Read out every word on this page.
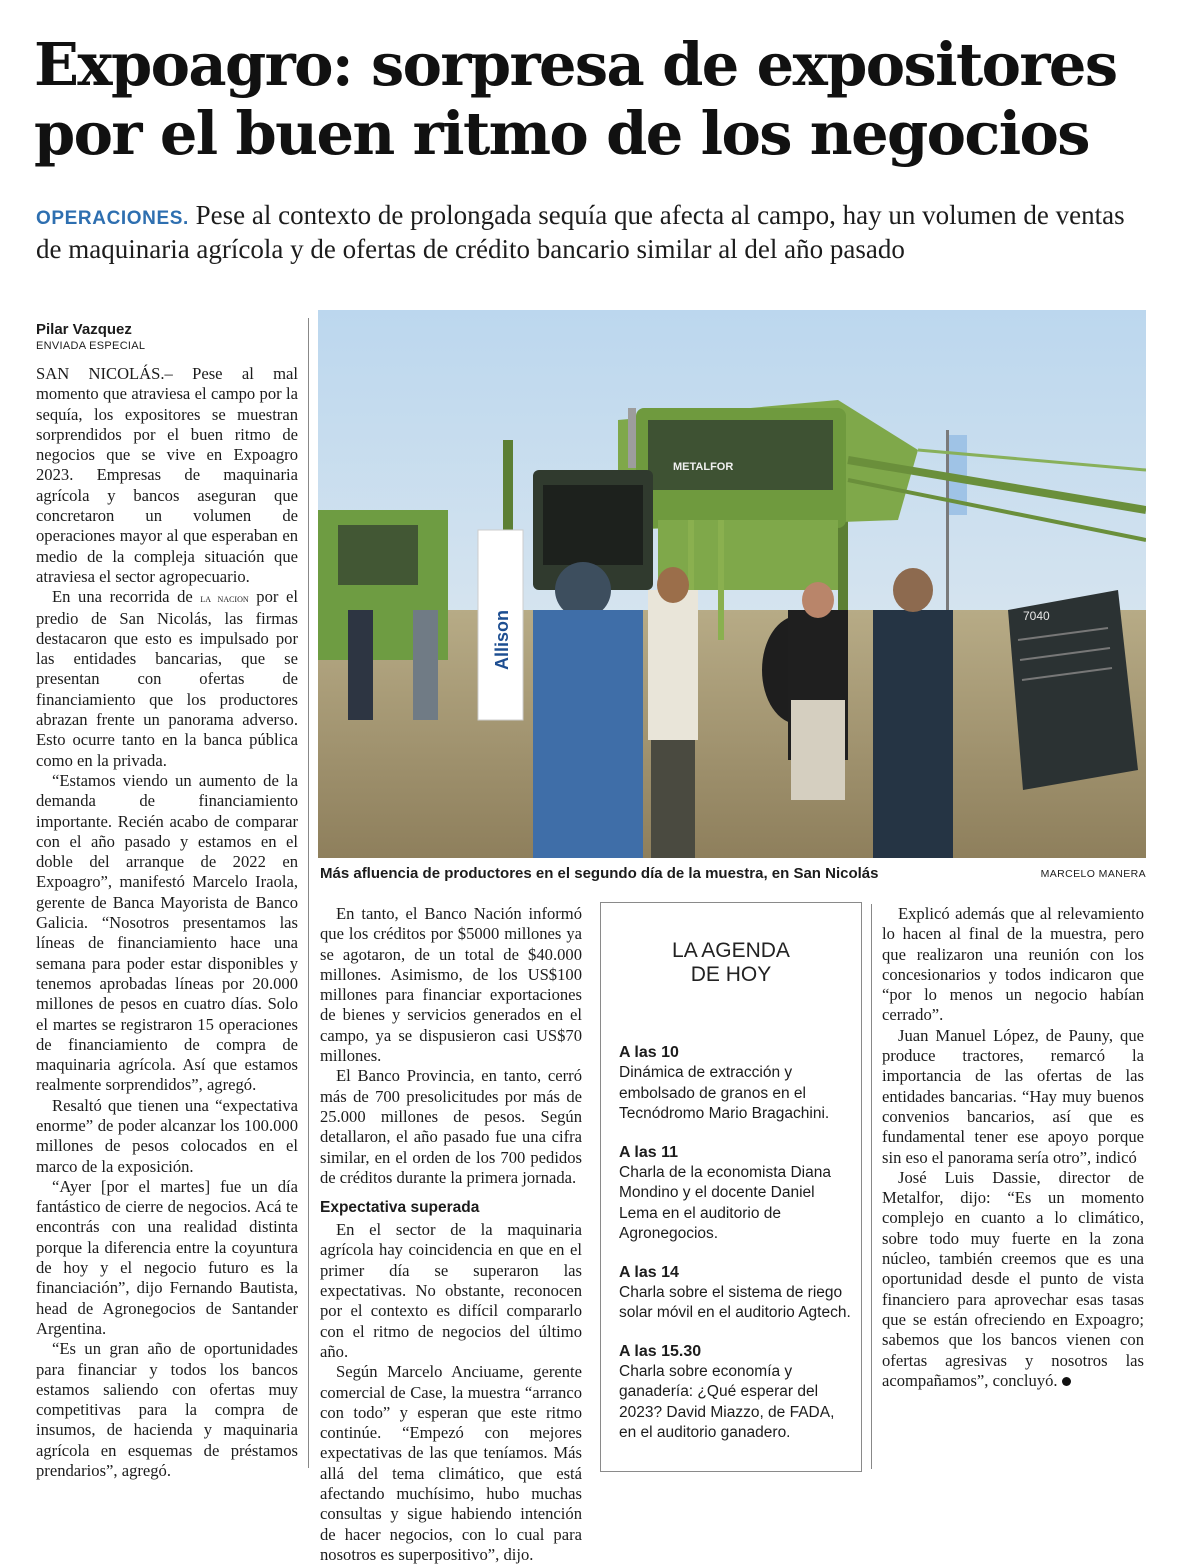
Expoagro: sorpresa de expositores por el buen ritmo de los negocios
OPERACIONES. Pese al contexto de prolongada sequía que afecta al campo, hay un volumen de ventas de maquinaria agrícola y de ofertas de crédito bancario similar al del año pasado
Pilar Vazquez
ENVIADA ESPECIAL

SAN NICOLÁS.– Pese al mal momento que atraviesa el campo por la sequía, los expositores se muestran sorprendidos por el buen ritmo de negocios que se vive en Expoagro 2023. Empresas de maquinaria agrícola y bancos aseguran que concretaron un volumen de operaciones mayor al que esperaban en medio de la compleja situación que atraviesa el sector agropecuario.

En una recorrida de la nacion por el predio de San Nicolás, las firmas destacaron que esto es impulsado por las entidades bancarias, que se presentan con ofertas de financiamiento que los productores abrazan frente un panorama adverso. Esto ocurre tanto en la banca pública como en la privada.

“Estamos viendo un aumento de la demanda de financiamiento importante. Recién acabo de comparar con el año pasado y estamos en el doble del arranque de 2022 en Expoagro”, manifestó Marcelo Iraola, gerente de Banca Mayorista de Banco Galicia. “Nosotros presentamos las líneas de financiamiento hace una semana para poder estar disponibles y tenemos aprobadas líneas por 20.000 millones de pesos en cuatro días. Solo el martes se registraron 15 operaciones de financiamiento de compra de maquinaria agrícola. Así que estamos realmente sorprendidos”, agregó.

Resaltó que tienen una “expectativa enorme” de poder alcanzar los 100.000 millones de pesos colocados en el marco de la exposición.

“Ayer [por el martes] fue un día fantástico de cierre de negocios. Acá te encontrás con una realidad distinta porque la diferencia entre la coyuntura de hoy y el negocio futuro es la financiación”, dijo Fernando Bautista, head de Agronegocios de Santander Argentina.

“Es un gran año de oportunidades para financiar y todos los bancos estamos saliendo con ofertas muy competitivas para la compra de insumos, de hacienda y maquinaria agrícola en esquemas de préstamos prendarios”, agregó.

METALFOR
Allison	7040
Más afluencia de productores en el segundo día de la muestra, en San Nicolás	MARCELO MANERA

En tanto, el Banco Nación informó que los créditos por $5000 millones ya se agotaron, de un total de $40.000 millones. Asimismo, de los US$100 millones para financiar exportaciones de bienes y servicios generados en el campo, ya se dispusieron casi US$70 millones.

El Banco Provincia, en tanto, cerró más de 700 presolicitudes por más de 25.000 millones de pesos. Según detallaron, el año pasado fue una cifra similar, en el orden de los 700 pedidos de créditos durante la primera jornada.

Expectativa superada

En el sector de la maquinaria agrícola hay coincidencia en que en el primer día se superaron las expectativas. No obstante, reconocen por el contexto es difícil compararlo con el ritmo de negocios del último año.

Según Marcelo Anciuame, gerente comercial de Case, la muestra “arranco con todo” y esperan que este ritmo continúe. “Empezó con mejores expectativas de las que teníamos. Más allá del tema climático, que está afectando muchísimo, hubo muchas consultas y sigue habiendo intención de hacer negocios, con lo cual para nosotros es superpositivo”, dijo.

LA AGENDA
DE HOY
A las 10
Dinámica de extracción y embolsado de granos en el Tecnódromo Mario Bragachini.
A las 11
Charla de la economista Diana Mondino y el docente Daniel Lema en el auditorio de Agronegocios.
A las 14
Charla sobre el sistema de riego solar móvil en el auditorio Agtech.
A las 15.30
Charla sobre economía y ganadería: ¿Qué esperar del 2023? David Miazzo, de FADA, en el auditorio ganadero.

Explicó además que al relevamiento lo hacen al final de la muestra, pero que realizaron una reunión con los concesionarios y todos indicaron que “por lo menos un negocio habían cerrado”.

Juan Manuel López, de Pauny, que produce tractores, remarcó la importancia de las ofertas de las entidades bancarias. “Hay muy buenos convenios bancarios, así que es fundamental tener ese apoyo porque sin eso el panorama sería otro”, indicó

José Luis Dassie, director de Metalfor, dijo: “Es un momento complejo en cuanto a lo climático, sobre todo muy fuerte en la zona núcleo, también creemos que es una oportunidad desde el punto de vista financiero para aprovechar esas tasas que se están ofreciendo en Expoagro; sabemos que los bancos vienen con ofertas agresivas y nosotros las acompañamos”, concluyó.
